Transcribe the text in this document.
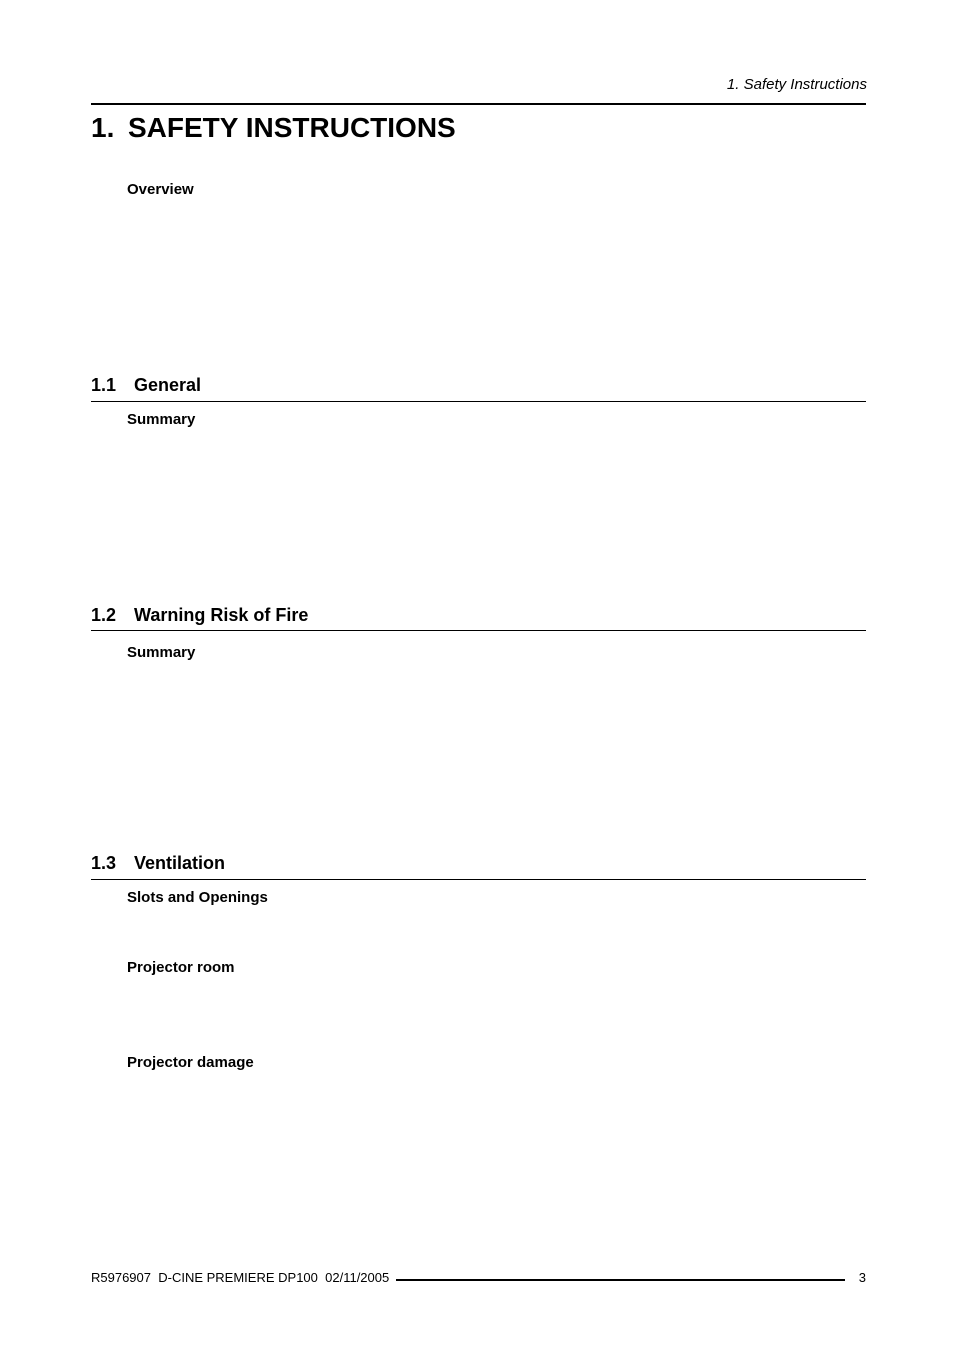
1. Safety Instructions
1. SAFETY INSTRUCTIONS
Overview
1.1 General
Summary
1.2 Warning Risk of Fire
Summary
1.3 Ventilation
Slots and Openings
Projector room
Projector damage
R5976907
D-CINE PREMIERE DP100
02/11/2005	3
